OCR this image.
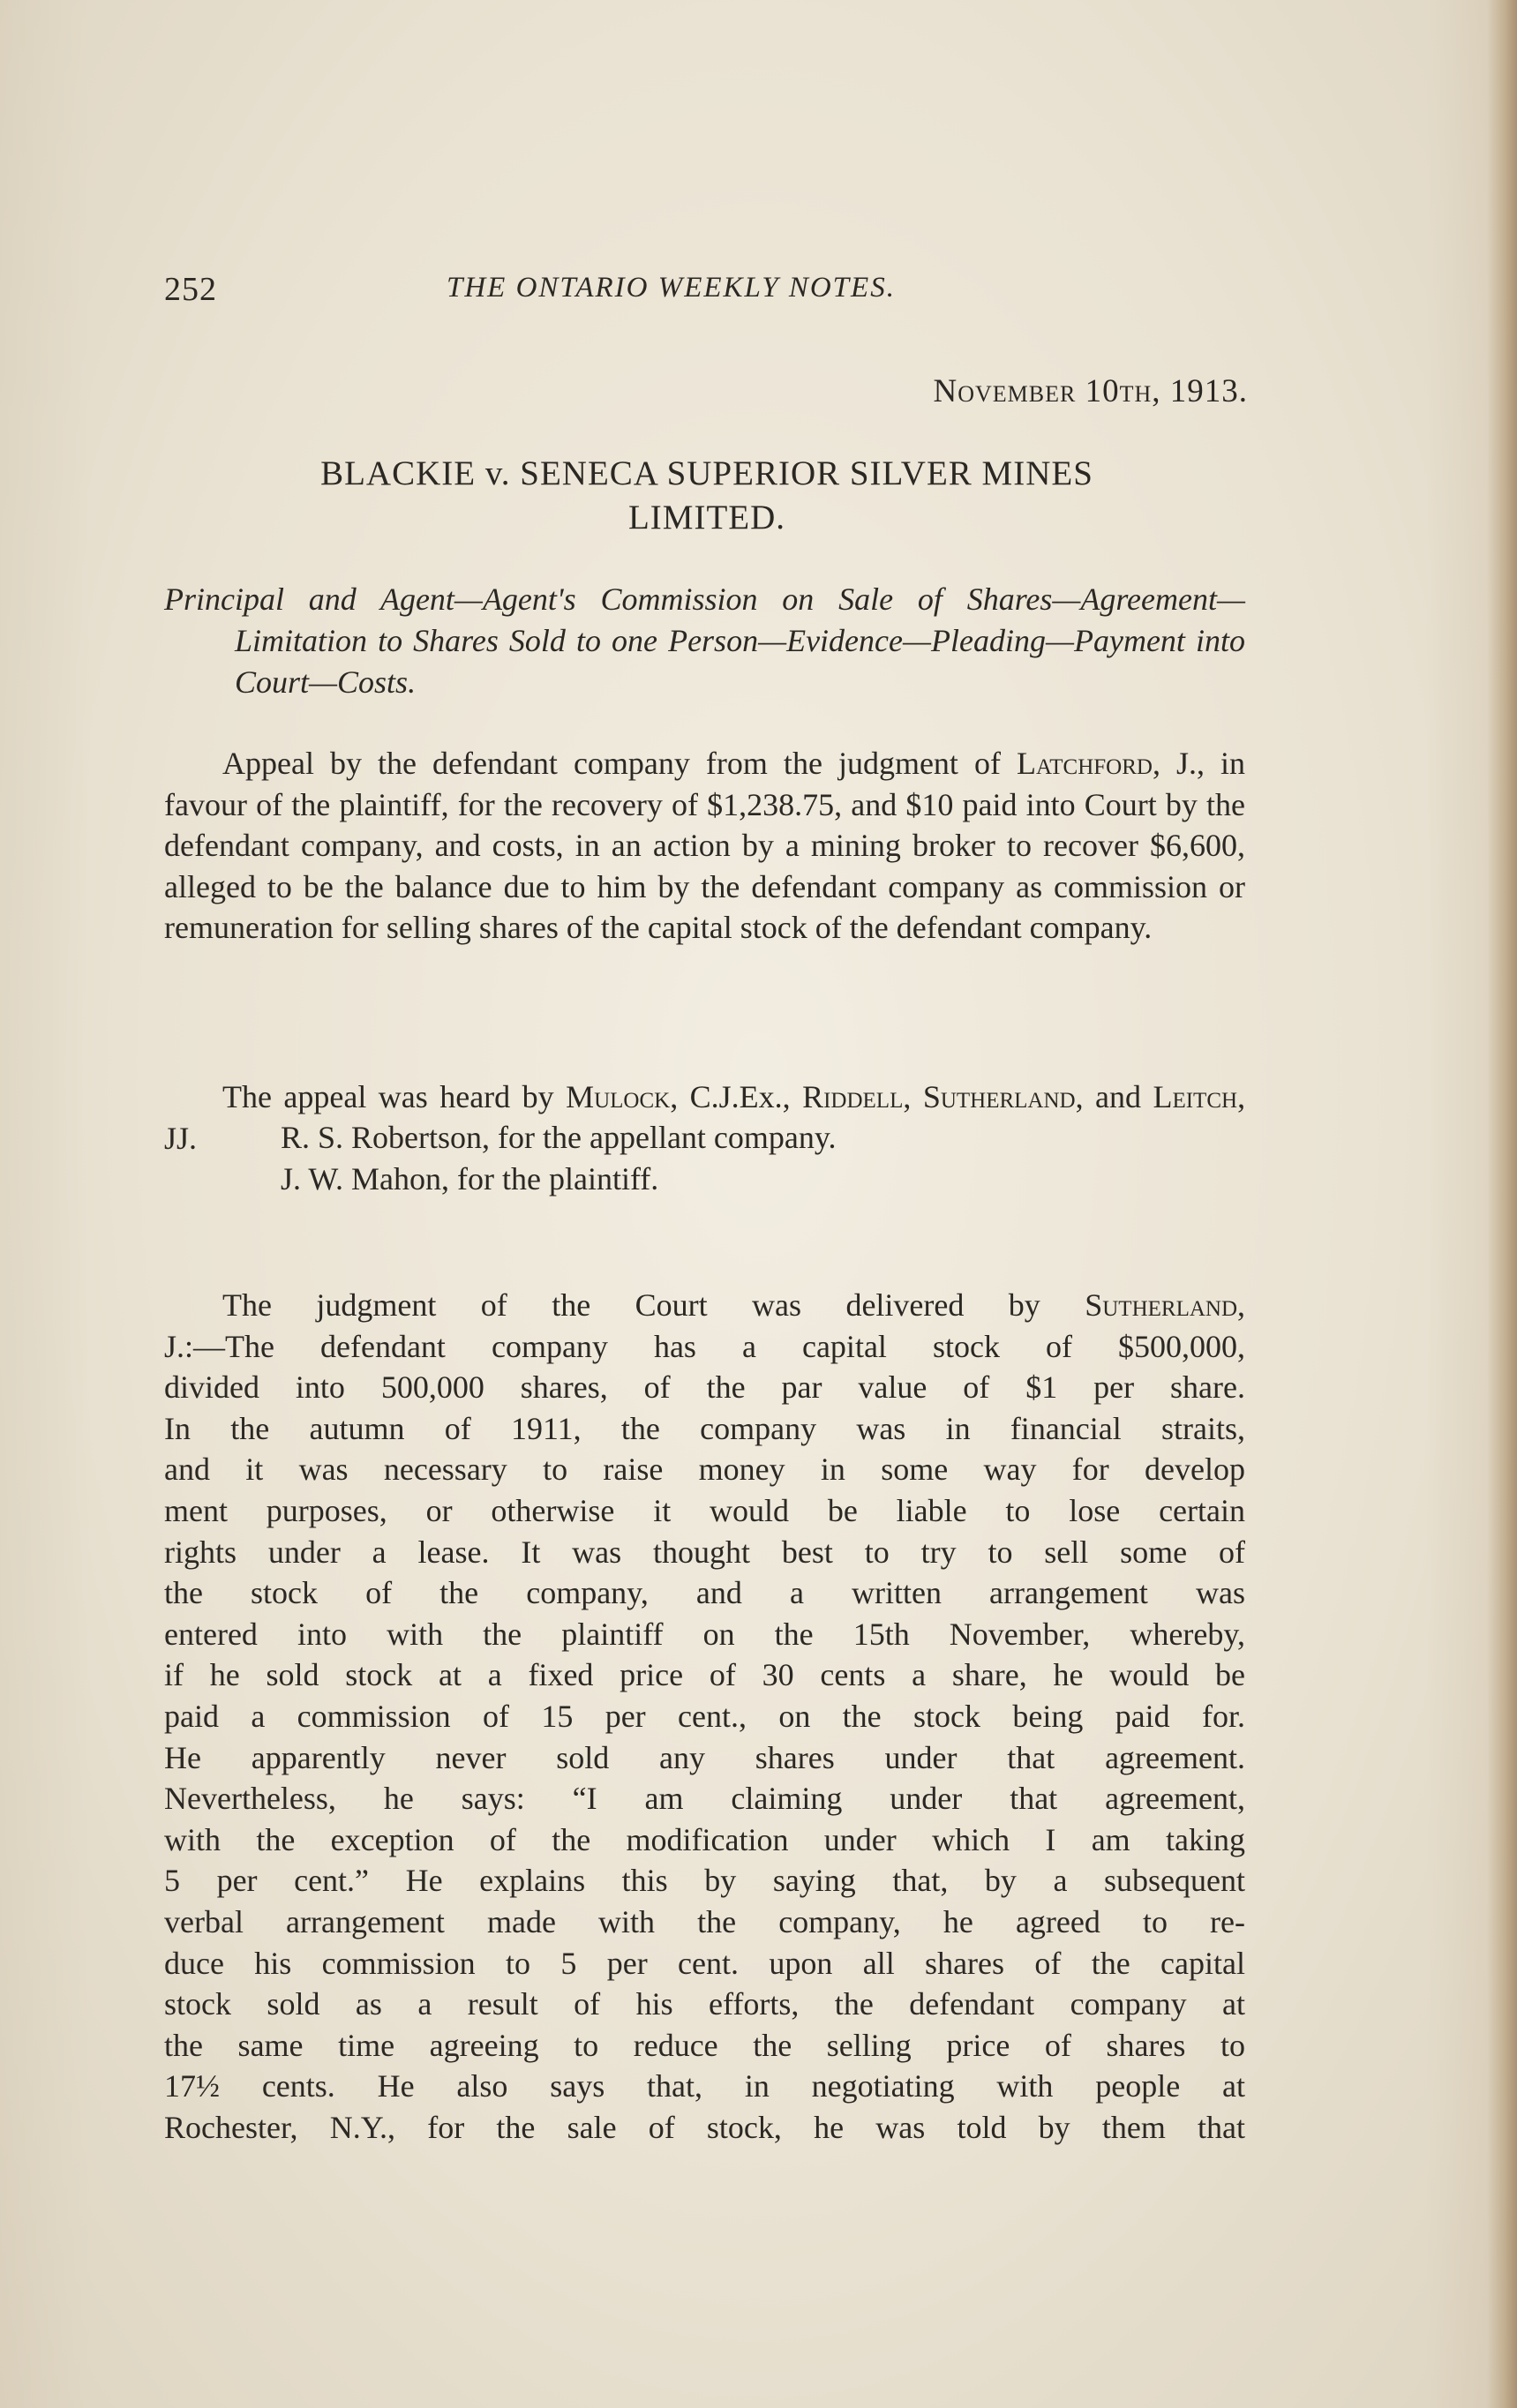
252	THE ONTARIO WEEKLY NOTES.
November 10th, 1913.
BLACKIE v. SENECA SUPERIOR SILVER MINES
LIMITED.
Principal and Agent—Agent's Commission on Sale of Shares—Agreement—Limitation to Shares Sold to one Person—Evidence—Pleading—Payment into Court—Costs.

Appeal by the defendant company from the judgment of Latchford, J., in favour of the plaintiff, for the recovery of $1,238.75, and $10 paid into Court by the defendant company, and costs, in an action by a mining broker to recover $6,600, alleged to be the balance due to him by the defendant company as commission or remuneration for selling shares of the capital stock of the defendant company.

The appeal was heard by Mulock, C.J.Ex., Riddell, Sutherland, and Leitch, JJ.	R. S. Robertson, for the appellant company.

J. W. Mahon, for the plaintiff.

The judgment of the Court was delivered by Sutherland,
J.:—The defendant company has a capital stock of $500,000,
divided into 500,000 shares, of the par value of $1 per share.
In the autumn of 1911, the company was in financial straits,
and it was necessary to raise money in some way for develop
ment purposes, or otherwise it would be liable to lose certain
rights under a lease. It was thought best to try to sell some of
the stock of the company, and a written arrangement was
entered into with the plaintiff on the 15th November, whereby,
if he sold stock at a fixed price of 30 cents a share, he would be
paid a commission of 15 per cent., on the stock being paid for.
He apparently never sold any shares under that agreement.
Nevertheless, he says: “I am claiming under that agreement,
with the exception of the modification under which I am taking
5 per cent.” He explains this by saying that, by a subsequent
verbal arrangement made with the company, he agreed to re-
duce his commission to 5 per cent. upon all shares of the capital
stock sold as a result of his efforts, the defendant company at
the same time agreeing to reduce the selling price of shares to
17½ cents. He also says that, in negotiating with people at
Rochester, N.Y., for the sale of stock, he was told by them that
